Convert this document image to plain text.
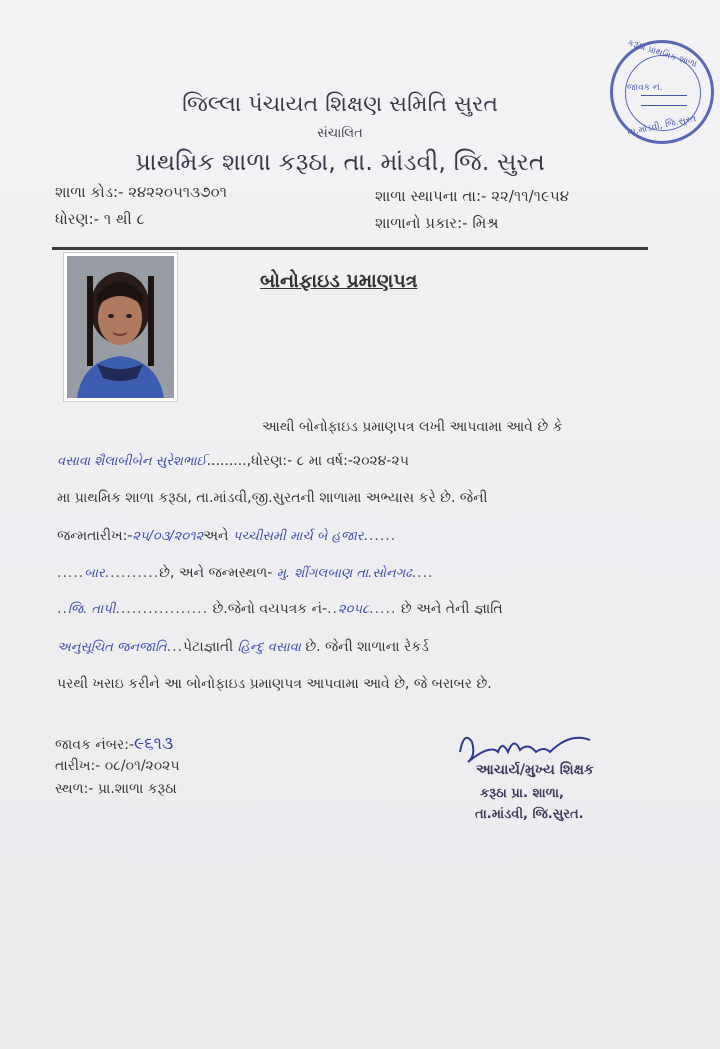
કરૂઠા પ્રાથમિક શાળા
જાવક નં.
તા.માંડવી, જિ.સુરત
જિલ્લા પંચાયત શિક્ષણ સમિતિ સુરત
સંચાલિત
પ્રાથમિક શાળા કરૂઠા, તા. માંડવી, જિ. સુરત
શાળા કોડ:- ૨૪૨૨૦૫૧૩૭૦૧	શાળા સ્થાપના તા:- ૨૨/૧૧/૧૯૫૪
ધોરણ:- ૧ થી ૮	શાળાનો પ્રકાર:- મિશ્ર
બોનોફાઇડ પ્રમાણપત્ર
આથી બોનોફાઇડ પ્રમાણપત્ર લખી આપવામા આવે છે કે
વસાવા શૈલાબીબેન સુરેશભાઈ.........,ધોરણ:- ૮ મા વર્ષ:-૨૦૨૪-૨૫
મા પ્રાથમિક શાળા કરૂઠા, તા.માંડવી,જી.સુરતની શાળામા અભ્યાસ કરે છે. જેની
જન્મતારીખ:-૨૫/૦૩/૨૦૧૨અને પચ્ચીસમી માર્ચ બે હજાર......
.....બાર..........છે, અને જન્મસ્થળ- મુ. શીંગલબાણ તા.સોનગઢ....
..જિ. તાપી................. છે.જેનો વયપત્રક નં-..૨૦૫૮..... છે અને તેની જ્ઞાતિ
અનુસૂચિત જનજાતિ...પેટાજ્ઞાતી હિન્દુ વસાવા છે. જેની શાળાના રેકર્ડ
પરથી ખરાઇ કરીને આ બોનોફાઇડ પ્રમાણપત્ર આપવામા આવે છે, જે બરાબર છે.
જાવક નંબર:-૯૬૧૩
તારીખ:- ૦૮/૦૧/૨૦૨૫
સ્થળ:- પ્રા.શાળા કરૂઠા
Shaikh
આચાર્ય/મુખ્ય શિક્ષક
કરૂઠા પ્રા. શાળા,
તા.માંડવી, જિ.સુરત.
